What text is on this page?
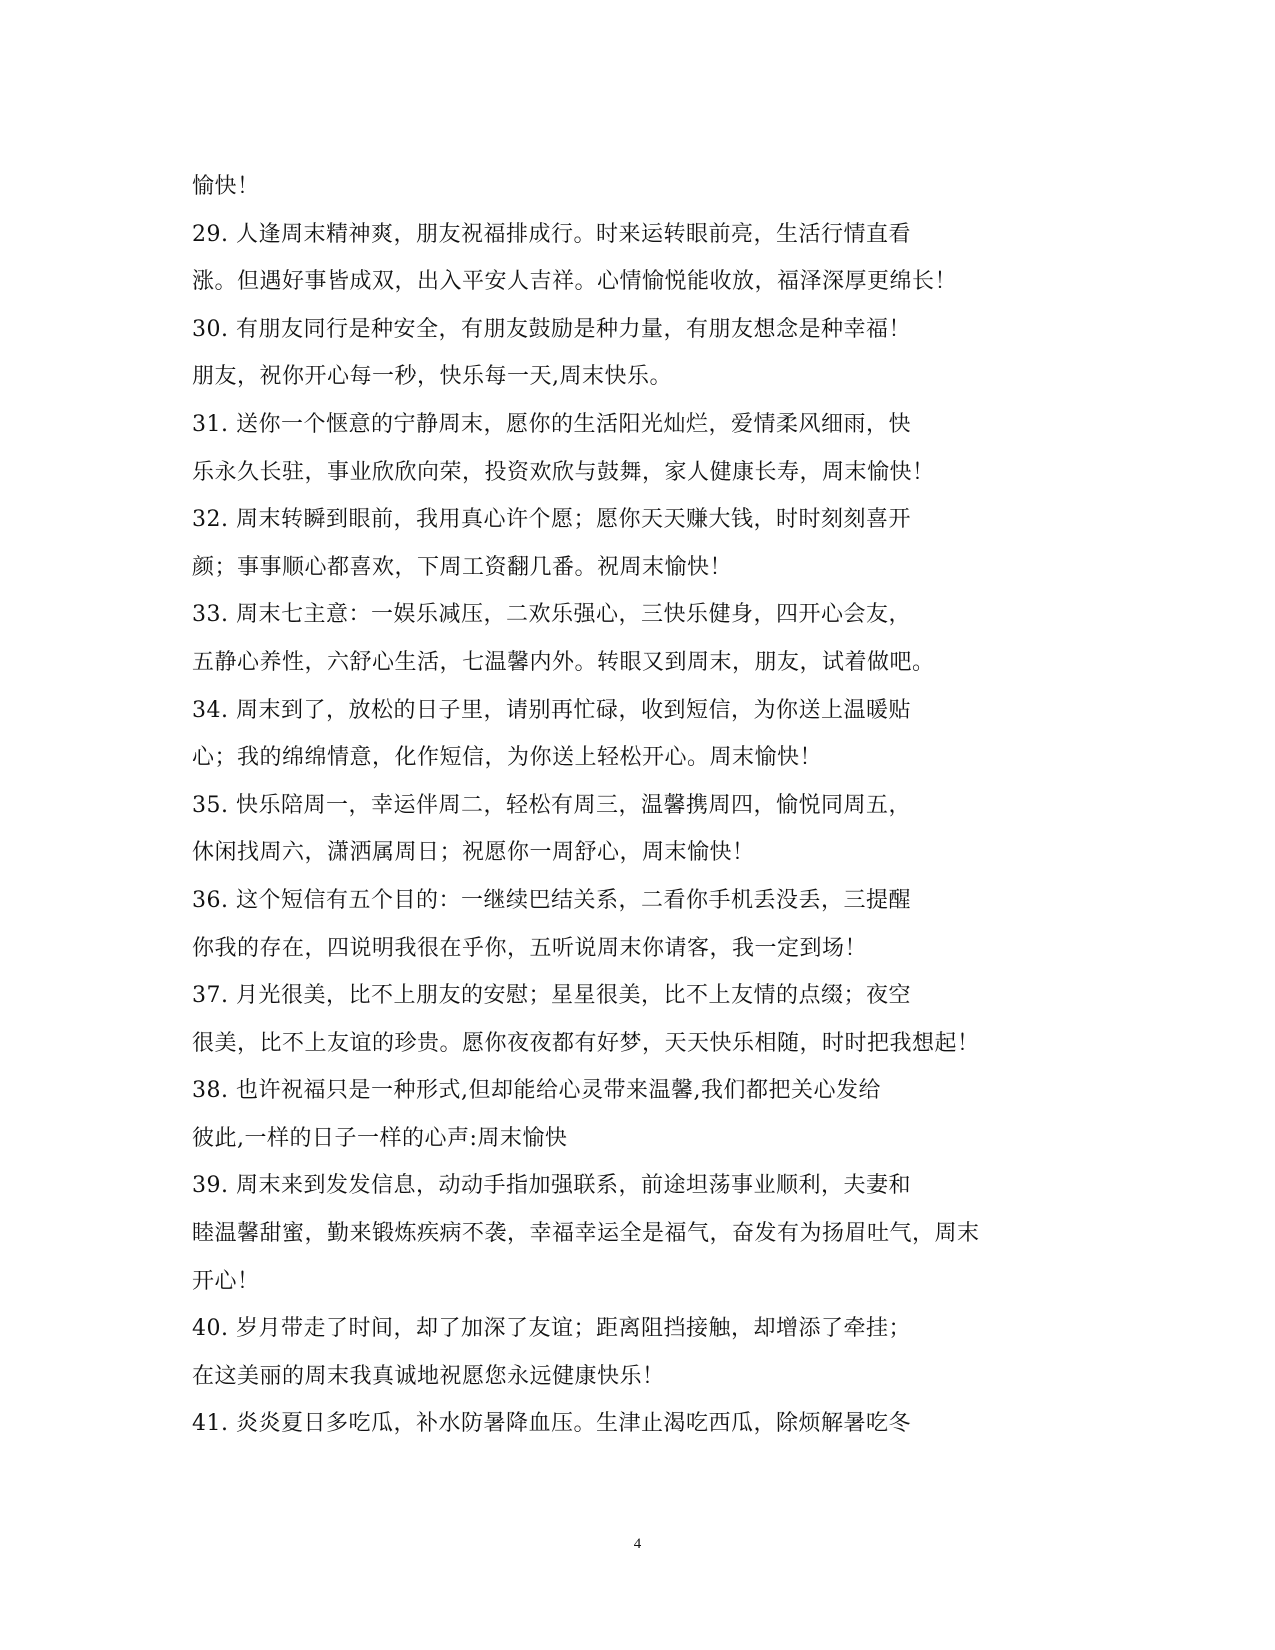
愉快！
29. 人逢周末精神爽，朋友祝福排成行。时来运转眼前亮，生活行情直看
涨。但遇好事皆成双，出入平安人吉祥。心情愉悦能收放，福泽深厚更绵长！
30. 有朋友同行是种安全，有朋友鼓励是种力量，有朋友想念是种幸福！
朋友，祝你开心每一秒，快乐每一天,周末快乐。
31. 送你一个惬意的宁静周末，愿你的生活阳光灿烂，爱情柔风细雨，快
乐永久长驻，事业欣欣向荣，投资欢欣与鼓舞，家人健康长寿，周末愉快！
32. 周末转瞬到眼前，我用真心许个愿；愿你天天赚大钱，时时刻刻喜开
颜；事事顺心都喜欢，下周工资翻几番。祝周末愉快！
33. 周末七主意：一娱乐减压，二欢乐强心，三快乐健身，四开心会友，
五静心养性，六舒心生活，七温馨内外。转眼又到周末，朋友，试着做吧。
34. 周末到了，放松的日子里，请别再忙碌，收到短信，为你送上温暖贴
心；我的绵绵情意，化作短信，为你送上轻松开心。周末愉快！
35. 快乐陪周一，幸运伴周二，轻松有周三，温馨携周四，愉悦同周五，
休闲找周六，潇洒属周日；祝愿你一周舒心，周末愉快！
36. 这个短信有五个目的：一继续巴结关系，二看你手机丢没丢，三提醒
你我的存在，四说明我很在乎你，五听说周末你请客，我一定到场！
37. 月光很美，比不上朋友的安慰；星星很美，比不上友情的点缀；夜空
很美，比不上友谊的珍贵。愿你夜夜都有好梦，天天快乐相随，时时把我想起！
38. 也许祝福只是一种形式,但却能给心灵带来温馨,我们都把关心发给
彼此,一样的日子一样的心声:周末愉快
39. 周末来到发发信息，动动手指加强联系，前途坦荡事业顺利，夫妻和
睦温馨甜蜜，勤来锻炼疾病不袭，幸福幸运全是福气，奋发有为扬眉吐气，周末
开心！
40. 岁月带走了时间，却了加深了友谊；距离阻挡接触，却增添了牵挂；
在这美丽的周末我真诚地祝愿您永远健康快乐！
41. 炎炎夏日多吃瓜，补水防暑降血压。生津止渴吃西瓜，除烦解暑吃冬
4
